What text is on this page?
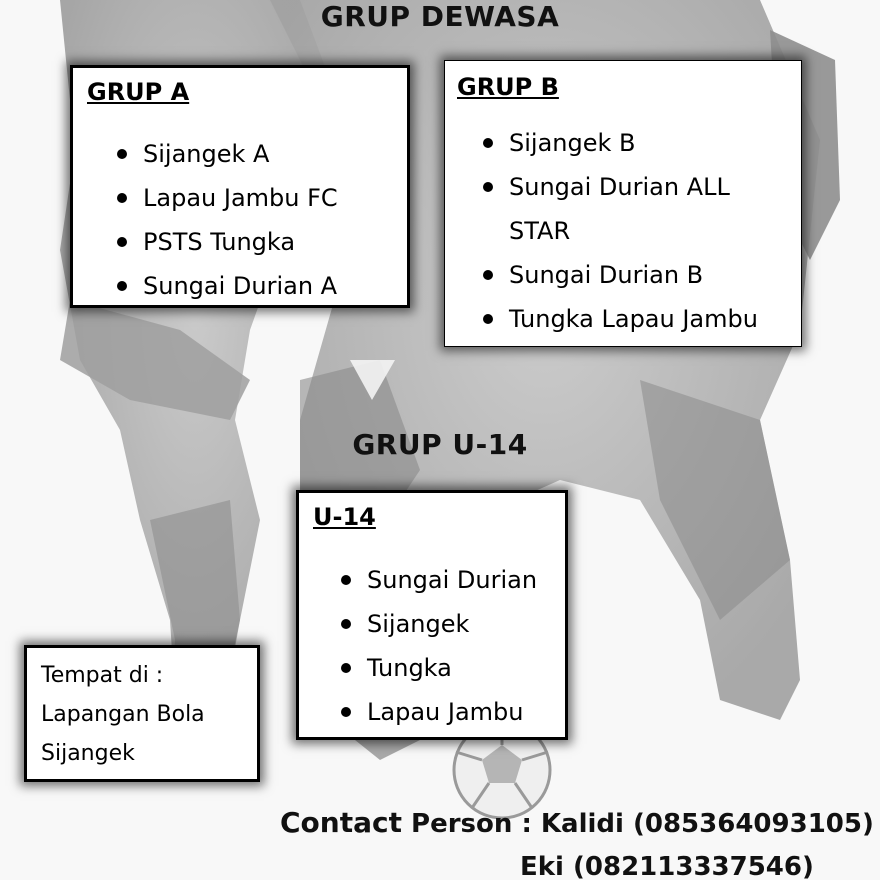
GRUP DEWASA
GRUP A
Sijangek A
Lapau Jambu FC
PSTS Tungka
Sungai Durian A
GRUP B
Sijangek B
Sungai Durian ALL STAR
Sungai Durian B
Tungka Lapau Jambu
GRUP U-14
U-14
Sungai Durian
Sijangek
Tungka
Lapau Jambu
Tempat di : Lapangan Bola Sijangek
Contact Person : Kalidi (085364093105)
Eki (082113337546)
